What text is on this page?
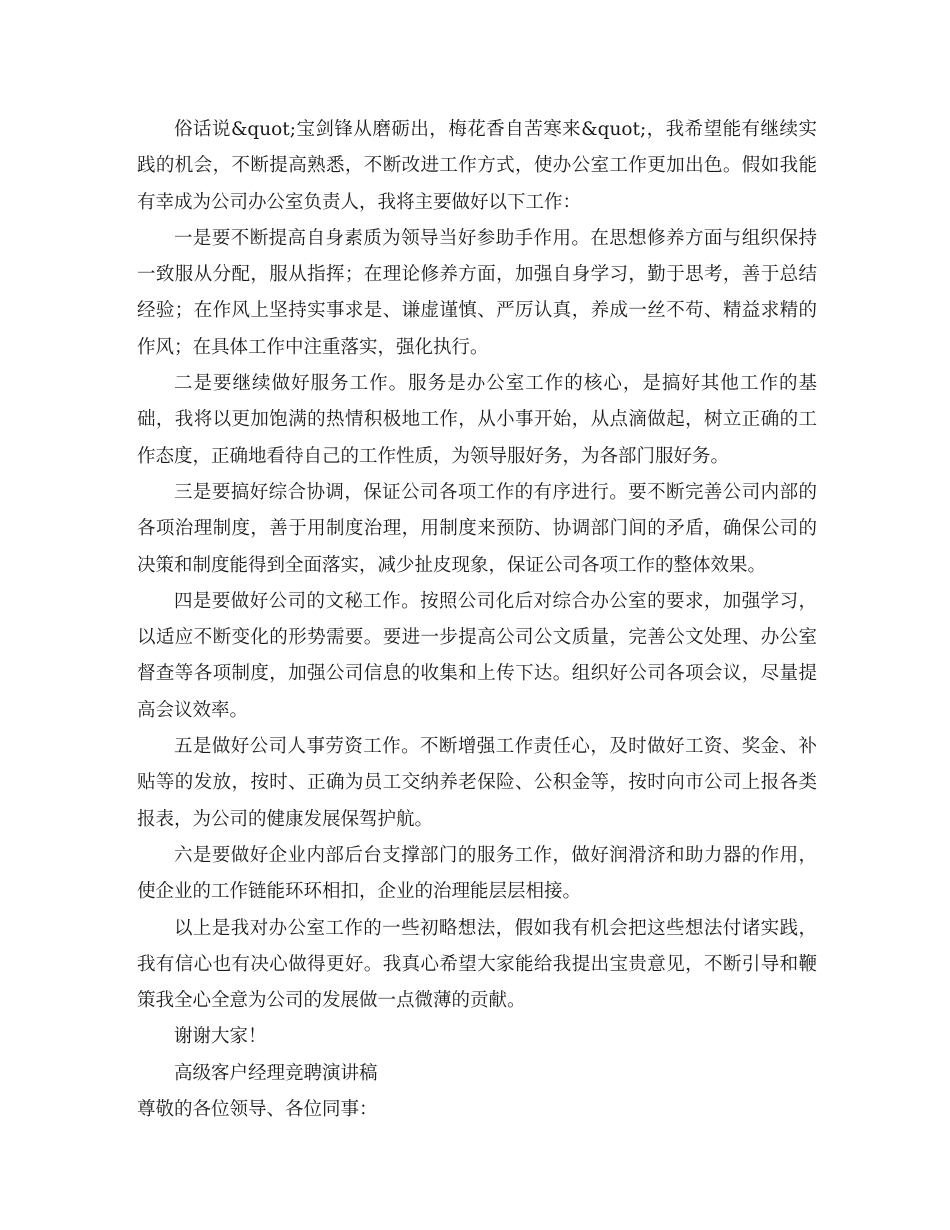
俗话说&quot;宝剑锋从磨砺出，梅花香自苦寒来&quot;，我希望能有继续实践的机会，不断提高熟悉，不断改进工作方式，使办公室工作更加出色。假如我能有幸成为公司办公室负责人，我将主要做好以下工作：

一是要不断提高自身素质为领导当好参助手作用。在思想修养方面与组织保持一致服从分配，服从指挥；在理论修养方面，加强自身学习，勤于思考，善于总结经验；在作风上坚持实事求是、谦虚谨慎、严厉认真，养成一丝不苟、精益求精的作风；在具体工作中注重落实，强化执行。

二是要继续做好服务工作。服务是办公室工作的核心，是搞好其他工作的基础，我将以更加饱满的热情积极地工作，从小事开始，从点滴做起，树立正确的工作态度，正确地看待自己的工作性质，为领导服好务，为各部门服好务。

三是要搞好综合协调，保证公司各项工作的有序进行。要不断完善公司内部的各项治理制度，善于用制度治理，用制度来预防、协调部门间的矛盾，确保公司的决策和制度能得到全面落实，减少扯皮现象，保证公司各项工作的整体效果。

四是要做好公司的文秘工作。按照公司化后对综合办公室的要求，加强学习，以适应不断变化的形势需要。要进一步提高公司公文质量，完善公文处理、办公室督查等各项制度，加强公司信息的收集和上传下达。组织好公司各项会议，尽量提高会议效率。

五是做好公司人事劳资工作。不断增强工作责任心，及时做好工资、奖金、补贴等的发放，按时、正确为员工交纳养老保险、公积金等，按时向市公司上报各类报表，为公司的健康发展保驾护航。

六是要做好企业内部后台支撑部门的服务工作，做好润滑济和助力器的作用，使企业的工作链能环环相扣，企业的治理能层层相接。

以上是我对办公室工作的一些初略想法，假如我有机会把这些想法付诸实践，我有信心也有决心做得更好。我真心希望大家能给我提出宝贵意见，不断引导和鞭策我全心全意为公司的发展做一点微薄的贡献。

谢谢大家！

高级客户经理竞聘演讲稿

尊敬的各位领导、各位同事：
